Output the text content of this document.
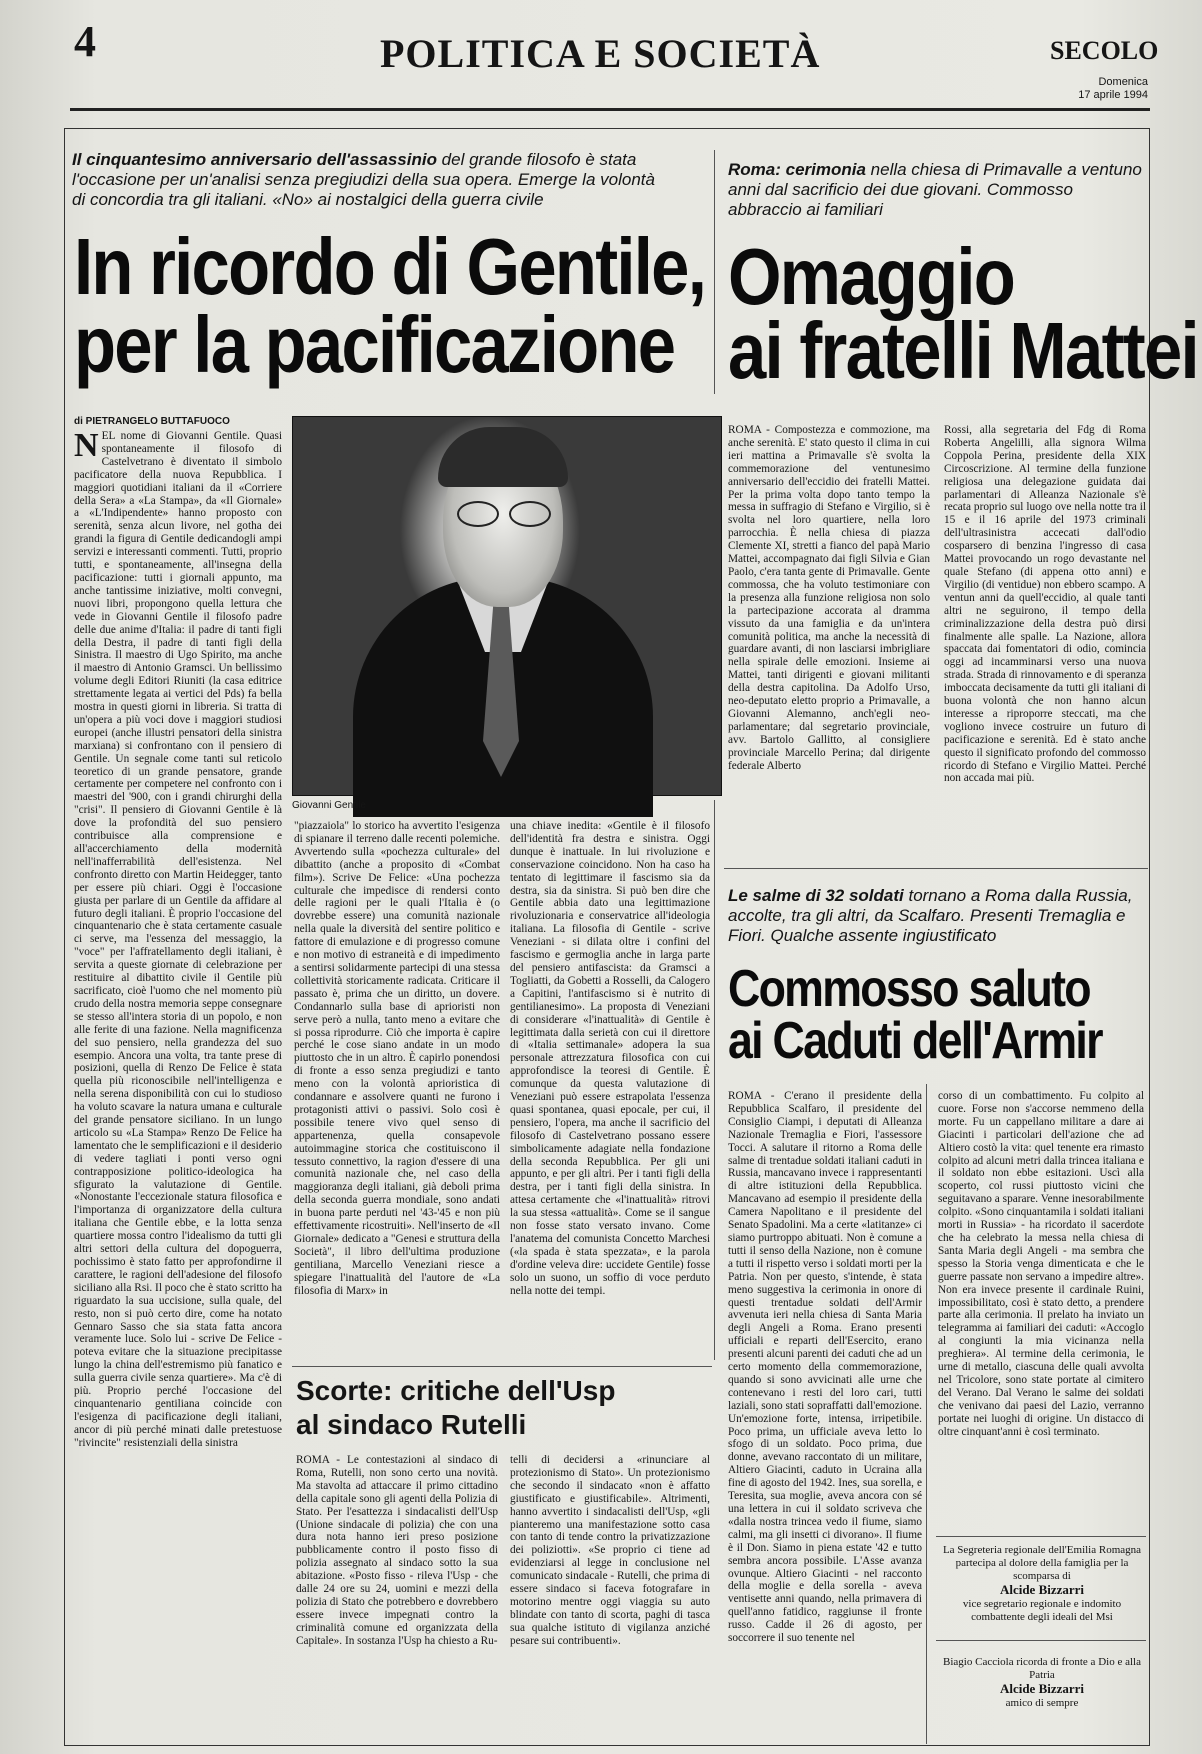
4	POLITICA E SOCIETÀ	SECOLO
Domenica
17 aprile 1994
Il cinquantesimo anniversario dell'assassinio del grande filosofo è stata l'occasione per un'analisi senza pregiudizi della sua opera. Emerge la volontà di concordia tra gli italiani. «No» ai nostalgici della guerra civile
In ricordo di Gentile,
per la pacificazione
di PIETRANGELO BUTTAFUOCO
NEL nome di Giovanni Gentile. Quasi spontaneamente il filosofo di Castelvetrano è diventato il simbolo pacificatore della nuova Repubblica. I maggiori quotidiani italiani da il «Corriere della Sera» a «La Stampa», da «Il Giornale» a «L'Indipendente» hanno proposto con serenità, senza alcun livore, nel gotha dei grandi la figura di Gentile dedicandogli ampi servizi e interessanti commenti. Tutti, proprio tutti, e spontaneamente, all'insegna della pacificazione: tutti i giornali appunto, ma anche tantissime iniziative, molti convegni, nuovi libri, propongono quella lettura che vede in Giovanni Gentile il filosofo padre delle due anime d'Italia: il padre di tanti figli della Destra, il padre di tanti figli della Sinistra. Il maestro di Ugo Spirito, ma anche il maestro di Antonio Gramsci. Un bellissimo volume degli Editori Riuniti (la casa editrice strettamente legata ai vertici del Pds) fa bella mostra in questi giorni in libreria. Si tratta di un'opera a più voci dove i maggiori studiosi europei (anche illustri pensatori della sinistra marxiana) si confrontano con il pensiero di Gentile. Un segnale come tanti sul reticolo teoretico di un grande pensatore, grande certamente per competere nel confronto con i maestri del '900, con i grandi chirurghi della "crisi". Il pensiero di Giovanni Gentile è là dove la profondità del suo pensiero contribuisce alla comprensione e all'accerchiamento della modernità nell'inafferrabilità dell'esistenza. Nel confronto diretto con Martin Heidegger, tanto per essere più chiari. Oggi è l'occasione giusta per parlare di un Gentile da affidare al futuro degli italiani. È proprio l'occasione del cinquantenario che è stata certamente casuale ci serve, ma l'essenza del messaggio, la "voce" per l'affratellamento degli italiani, è servita a queste giornate di celebrazione per restituire al dibattito civile il Gentile più sacrificato, cioè l'uomo che nel momento più crudo della nostra memoria seppe consegnare se stesso all'intera storia di un popolo, e non alle ferite di una fazione. Nella magnificenza del suo pensiero, nella grandezza del suo esempio. Ancora una volta, tra tante prese di posizioni, quella di Renzo De Felice è stata quella più riconoscibile nell'intelligenza e nella serena disponibilità con cui lo studioso ha voluto scavare la natura umana e culturale del grande pensatore siciliano. In un lungo articolo su «La Stampa» Renzo De Felice ha lamentato che le semplificazioni e il desiderio di vedere tagliati i ponti verso ogni contrapposizione politico-ideologica ha sfigurato la valutazione di Gentile. «Nonostante l'eccezionale statura filosofica e l'importanza di organizzatore della cultura italiana che Gentile ebbe, e la lotta senza quartiere mossa contro l'idealismo da tutti gli altri settori della cultura del dopoguerra, pochissimo è stato fatto per approfondirne il carattere, le ragioni dell'adesione del filosofo siciliano alla Rsi. Il poco che è stato scritto ha riguardato la sua uccisione, sulla quale, del resto, non si può certo dire, come ha notato Gennaro Sasso che sia stata fatta ancora veramente luce. Solo lui - scrive De Felice - poteva evitare che la situazione precipitasse lungo la china dell'estremismo più fanatico e sulla guerra civile senza quartiere». Ma c'è di più. Proprio perché l'occasione del cinquantenario gentiliana coincide con l'esigenza di pacificazione degli italiani, ancor di più perché minati dalle pretestuose "rivincite" resistenziali della sinistra
Giovanni Gentile
"piazzaiola" lo storico ha avvertito l'esigenza di spianare il terreno dalle recenti polemiche. Avvertendo sulla «pochezza culturale» del dibattito (anche a proposito di «Combat film»). Scrive De Felice: «Una pochezza culturale che impedisce di rendersi conto delle ragioni per le quali l'Italia è (o dovrebbe essere) una comunità nazionale nella quale la diversità del sentire politico e fattore di emulazione e di progresso comune e non motivo di estraneità e di impedimento a sentirsi solidarmente partecipi di una stessa collettività storicamente radicata. Criticare il passato è, prima che un diritto, un dovere. Condannarlo sulla base di aprioristi non serve però a nulla, tanto meno a evitare che si possa riprodurre. Ciò che importa è capire perché le cose siano andate in un modo piuttosto che in un altro. È capirlo ponendosi di fronte a esso senza pregiudizi e tanto meno con la volontà aprioristica di condannare e assolvere quanti ne furono i protagonisti attivi o passivi. Solo così è possibile tenere vivo quel senso di appartenenza, quella consapevole autoimmagine storica che costituiscono il tessuto connettivo, la ragion d'essere di una comunità nazionale che, nel caso della maggioranza degli italiani, già deboli prima della seconda guerra mondiale, sono andati in buona parte perduti nel '43-'45 e non più effettivamente ricostruiti». Nell'inserto de «Il Giornale» dedicato a "Genesi e struttura della Società", il libro dell'ultima produzione gentiliana, Marcello Veneziani riesce a spiegare l'inattualità del l'autore de «La filosofia di Marx» in
una chiave inedita: «Gentile è il filosofo dell'identità fra destra e sinistra. Oggi dunque è inattuale. In lui rivoluzione e conservazione coincidono. Non ha caso ha tentato di legittimare il fascismo sia da destra, sia da sinistra. Si può ben dire che Gentile abbia dato una legittimazione rivoluzionaria e conservatrice all'ideologia italiana. La filosofia di Gentile - scrive Veneziani - si dilata oltre i confini del fascismo e germoglia anche in larga parte del pensiero antifascista: da Gramsci a Togliatti, da Gobetti a Rosselli, da Calogero a Capitini, l'antifascismo si è nutrito di gentilianesimo». La proposta di Veneziani di considerare «l'inattualità» di Gentile è legittimata dalla serietà con cui il direttore di «Italia settimanale» adopera la sua personale attrezzatura filosofica con cui approfondisce la teoresi di Gentile. È comunque da questa valutazione di Veneziani può essere estrapolata l'essenza quasi spontanea, quasi epocale, per cui, il pensiero, l'opera, ma anche il sacrificio del filosofo di Castelvetrano possano essere simbolicamente adagiate nella fondazione della seconda Repubblica. Per gli uni appunto, e per gli altri. Per i tanti figli della destra, per i tanti figli della sinistra. In attesa certamente che «l'inattualità» ritrovi la sua stessa «attualità». Come se il sangue non fosse stato versato invano. Come l'anatema del comunista Concetto Marchesi («la spada è stata spezzata», e la parola d'ordine veleva dire: uccidete Gentile) fosse solo un suono, un soffio di voce perduto nella notte dei tempi.
Scorte: critiche dell'Usp
al sindaco Rutelli
ROMA - Le contestazioni al sindaco di Roma, Rutelli, non sono certo una novità. Ma stavolta ad attaccare il primo cittadino della capitale sono gli agenti della Polizia di Stato. Per l'esattezza i sindacalisti dell'Usp (Unione sindacale di polizia) che con una dura nota hanno ieri preso posizione pubblicamente contro il posto fisso di polizia assegnato al sindaco sotto la sua abitazione. «Posto fisso - rileva l'Usp - che dalle 24 ore su 24, uomini e mezzi della polizia di Stato che potrebbero e dovrebbero essere invece impegnati contro la criminalità comune ed organizzata della Capitale». In sostanza l'Usp ha chiesto a Ru-
telli di decidersi a «rinunciare al protezionismo di Stato». Un protezionismo che secondo il sindacato «non è affatto giustificato e giustificabile». Altrimenti, hanno avvertito i sindacalisti dell'Usp, «gli pianteremo una manifestazione sotto casa con tanto di tende contro la privatizzazione dei poliziotti». «Se proprio ci tiene ad evidenziarsi al legge in conclusione nel comunicato sindacale - Rutelli, che prima di essere sindaco si faceva fotografare in motorino mentre oggi viaggia su auto blindate con tanto di scorta, paghi di tasca sua qualche istituto di vigilanza anziché pesare sui contribuenti».
Roma: cerimonia nella chiesa di Primavalle a ventuno anni dal sacrificio dei due giovani. Commosso abbraccio ai familiari
Omaggio
ai fratelli Mattei
ROMA - Compostezza e commozione, ma anche serenità. E' stato questo il clima in cui ieri mattina a Primavalle s'è svolta la commemorazione del ventunesimo anniversario dell'eccidio dei fratelli Mattei. Per la prima volta dopo tanto tempo la messa in suffragio di Stefano e Virgilio, si è svolta nel loro quartiere, nella loro parrocchia. È nella chiesa di piazza Clemente XI, stretti a fianco del papà Mario Mattei, accompagnato dai figli Silvia e Gian Paolo, c'era tanta gente di Primavalle. Gente commossa, che ha voluto testimoniare con la presenza alla funzione religiosa non solo la partecipazione accorata al dramma vissuto da una famiglia e da un'intera comunità politica, ma anche la necessità di guardare avanti, di non lasciarsi imbrigliare nella spirale delle emozioni. Insieme ai Mattei, tanti dirigenti e giovani militanti della destra capitolina. Da Adolfo Urso, neo-deputato eletto proprio a Primavalle, a Giovanni Alemanno, anch'egli neo-parlamentare; dal segretario provinciale, avv. Bartolo Gallitto, al consigliere provinciale Marcello Perina; dal dirigente federale Alberto
Rossi, alla segretaria del Fdg di Roma Roberta Angelilli, alla signora Wilma Coppola Perina, presidente della XIX Circoscrizione. Al termine della funzione religiosa una delegazione guidata dai parlamentari di Alleanza Nazionale s'è recata proprio sul luogo ove nella notte tra il 15 e il 16 aprile del 1973 criminali dell'ultrasinistra accecati dall'odio cosparsero di benzina l'ingresso di casa Mattei provocando un rogo devastante nel quale Stefano (di appena otto anni) e Virgilio (di ventidue) non ebbero scampo. A ventun anni da quell'eccidio, al quale tanti altri ne seguirono, il tempo della criminalizzazione della destra può dirsi finalmente alle spalle. La Nazione, allora spaccata dai fomentatori di odio, comincia oggi ad incamminarsi verso una nuova strada. Strada di rinnovamento e di speranza imboccata decisamente da tutti gli italiani di buona volontà che non hanno alcun interesse a riproporre steccati, ma che vogliono invece costruire un futuro di pacificazione e serenità. Ed è stato anche questo il significato profondo del commosso ricordo di Stefano e Virgilio Mattei. Perché non accada mai più.
Le salme di 32 soldati tornano a Roma dalla Russia, accolte, tra gli altri, da Scalfaro. Presenti Tremaglia e Fiori. Qualche assente ingiustificato
Commosso saluto
ai Caduti dell'Armir
ROMA - C'erano il presidente della Repubblica Scalfaro, il presidente del Consiglio Ciampi, i deputati di Alleanza Nazionale Tremaglia e Fiori, l'assessore Tocci. A salutare il ritorno a Roma delle salme di trentadue soldati italiani caduti in Russia, mancavano invece i rappresentanti di altre istituzioni della Repubblica. Mancavano ad esempio il presidente della Camera Napolitano e il presidente del Senato Spadolini. Ma a certe «latitanze» ci siamo purtroppo abituati. Non è comune a tutti il senso della Nazione, non è comune a tutti il rispetto verso i soldati morti per la Patria. Non per questo, s'intende, è stata meno suggestiva la cerimonia in onore di questi trentadue soldati dell'Armir avvenuta ieri nella chiesa di Santa Maria degli Angeli a Roma. Erano presenti ufficiali e reparti dell'Esercito, erano presenti alcuni parenti dei caduti che ad un certo momento della commemorazione, quando si sono avvicinati alle urne che contenevano i resti del loro cari, tutti laziali, sono stati sopraffatti dall'emozione. Un'emozione forte, intensa, irripetibile. Poco prima, un ufficiale aveva letto lo sfogo di un soldato. Poco prima, due donne, avevano raccontato di un militare, Altiero Giacinti, caduto in Ucraina alla fine di agosto del 1942. Ines, sua sorella, e Teresita, sua moglie, aveva ancora con sé una lettera in cui il soldato scriveva che «dalla nostra trincea vedo il fiume, siamo calmi, ma gli insetti ci divorano». Il fiume è il Don. Siamo in piena estate '42 e tutto sembra ancora possibile. L'Asse avanza ovunque. Altiero Giacinti - nel racconto della moglie e della sorella - aveva ventisette anni quando, nella primavera di quell'anno fatidico, raggiunse il fronte russo. Cadde il 26 di agosto, per soccorrere il suo tenente nel
corso di un combattimento. Fu colpito al cuore. Forse non s'accorse nemmeno della morte. Fu un cappellano militare a dare ai Giacinti i particolari dell'azione che ad Altiero costò la vita: quel tenente era rimasto colpito ad alcuni metri dalla trincea italiana e il soldato non ebbe esitazioni. Uscì alla scoperto, col russi piuttosto vicini che seguitavano a sparare. Venne inesorabilmente colpito. «Sono cinquantamila i soldati italiani morti in Russia» - ha ricordato il sacerdote che ha celebrato la messa nella chiesa di Santa Maria degli Angeli - ma sembra che spesso la Storia venga dimenticata e che le guerre passate non servano a impedire altre». Non era invece presente il cardinale Ruini, impossibilitato, così è stato detto, a prendere parte alla cerimonia. Il prelato ha inviato un telegramma ai familiari dei caduti: «Accoglo al congiunti la mia vicinanza nella preghiera». Al termine della cerimonia, le urne di metallo, ciascuna delle quali avvolta nel Tricolore, sono state portate al cimitero del Verano. Dal Verano le salme dei soldati che venivano dai paesi del Lazio, verranno portate nei luoghi di origine. Un distacco di oltre cinquant'anni è così terminato.
La Segreteria regionale dell'Emilia Romagna partecipa al dolore della famiglia per la scomparsa di
Alcide Bizzarri
vice segretario regionale e indomito combattente degli ideali del Msi
Biagio Cacciola ricorda di fronte a Dio e alla Patria
Alcide Bizzarri
amico di sempre
